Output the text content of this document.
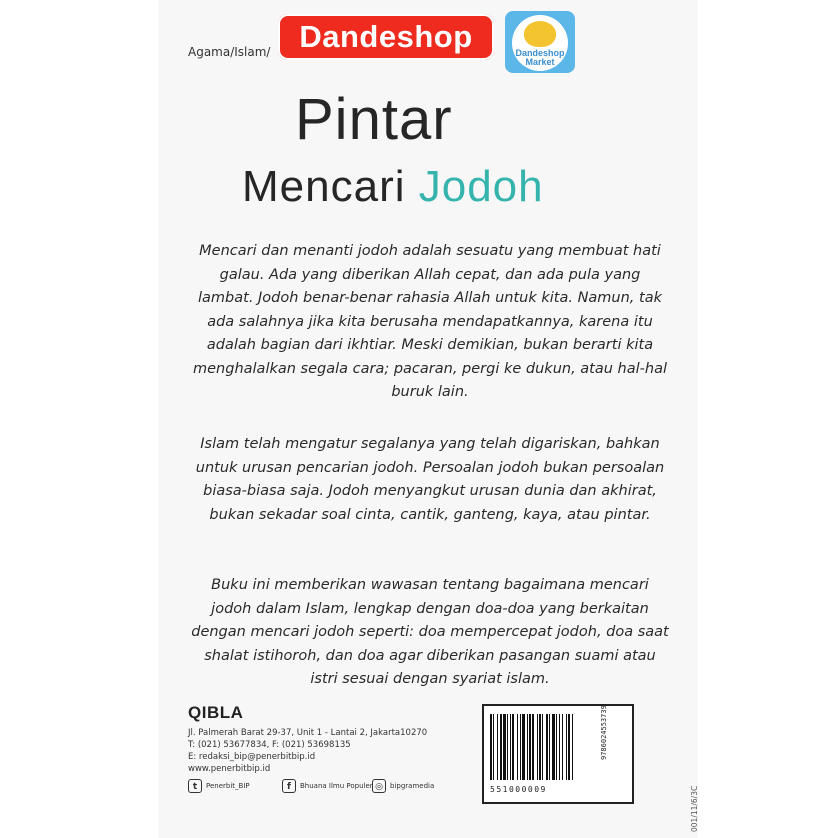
Agama/Islam/ Dandeshop	Dandeshop Market
Pintar
Mencari Jodoh

Mencari dan menanti jodoh adalah sesuatu yang membuat hati galau. Ada yang diberikan Allah cepat, dan ada pula yang lambat. Jodoh benar-benar rahasia Allah untuk kita. Namun, tak ada salahnya jika kita berusaha mendapatkannya, karena itu adalah bagian dari ikhtiar. Meski demikian, bukan berarti kita menghalalkan segala cara; pacaran, pergi ke dukun, atau hal-hal buruk lain.

Islam telah mengatur segalanya yang telah digariskan, bahkan untuk urusan pencarian jodoh. Persoalan jodoh bukan persoalan biasa-biasa saja. Jodoh menyangkut urusan dunia dan akhirat, bukan sekadar soal cinta, cantik, ganteng, kaya, atau pintar.

Buku ini memberikan wawasan tentang bagaimana mencari jodoh dalam Islam, lengkap dengan doa-doa yang berkaitan dengan mencari jodoh seperti: doa mempercepat jodoh, doa saat shalat istihoroh, dan doa agar diberikan pasangan suami atau istri sesuai dengan syariat islam.

QIBLA
Jl. Palmerah Barat 29-37, Unit 1 - Lantai 2, Jakarta10270
T: (021) 53677834, F: (021) 53698135
E: redaksi_bip@penerbitbip.id
www.penerbitbip.id
t	Penerbit_BIP	f	Bhuana Ilmu Populer ◎	bipgramedia	551000009
9786024553739
001/11/6/3C
